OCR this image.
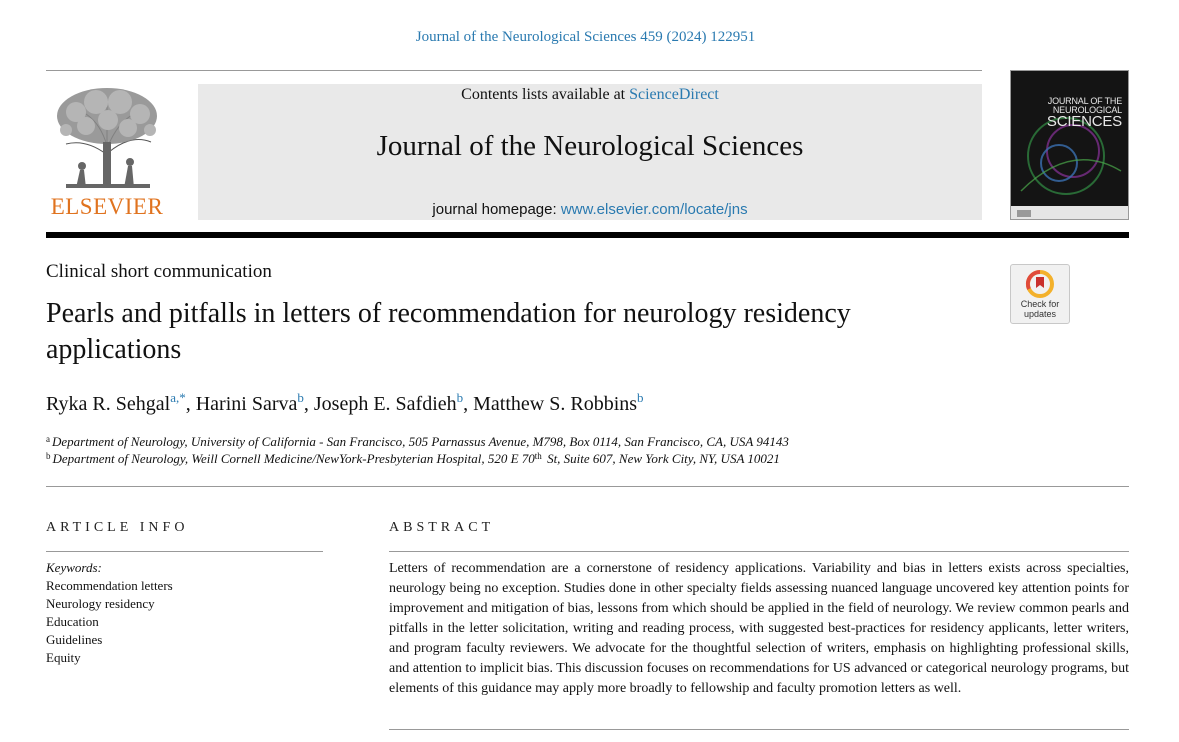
Journal of the Neurological Sciences 459 (2024) 122951
ELSEVIER
Contents lists available at ScienceDirect
Journal of the Neurological Sciences
journal homepage: www.elsevier.com/locate/jns
JOURNAL OF THE
NEUROLOGICAL
SCIENCES
Clinical short communication
Pearls and pitfalls in letters of recommendation for neurology residency applications
Check for
updates
Ryka R. Sehgal$^{a,*}$, Harini Sarva$^b$, Joseph E. Safdieh$^b$, Matthew S. Robbins$^b$
$^a$ Department of Neurology, University of California - San Francisco, 505 Parnassus Avenue, M798, Box 0114, San Francisco, CA, USA 94143
$^b$ Department of Neurology, Weill Cornell Medicine/NewYork-Presbyterian Hospital, 520 E 70th St, Suite 607, New York City, NY, USA 10021
ARTICLE INFO	ABSTRACT
Keywords:
Recommendation letters
Neurology residency
Education
Guidelines
Equity
Letters of recommendation are a cornerstone of residency applications. Variability and bias in letters exists across specialties, neurology being no exception. Studies done in other specialty fields assessing nuanced language uncovered key attention points for improvement and mitigation of bias, lessons from which should be applied in the field of neurology. We review common pearls and pitfalls in the letter solicitation, writing and reading process, with suggested best-practices for residency applicants, letter writers, and program faculty reviewers. We advocate for the thoughtful selection of writers, emphasis on highlighting professional skills, and attention to implicit bias. This discussion focuses on recommendations for US advanced or categorical neurology programs, but elements of this guidance may apply more broadly to fellowship and faculty promotion letters as well.
